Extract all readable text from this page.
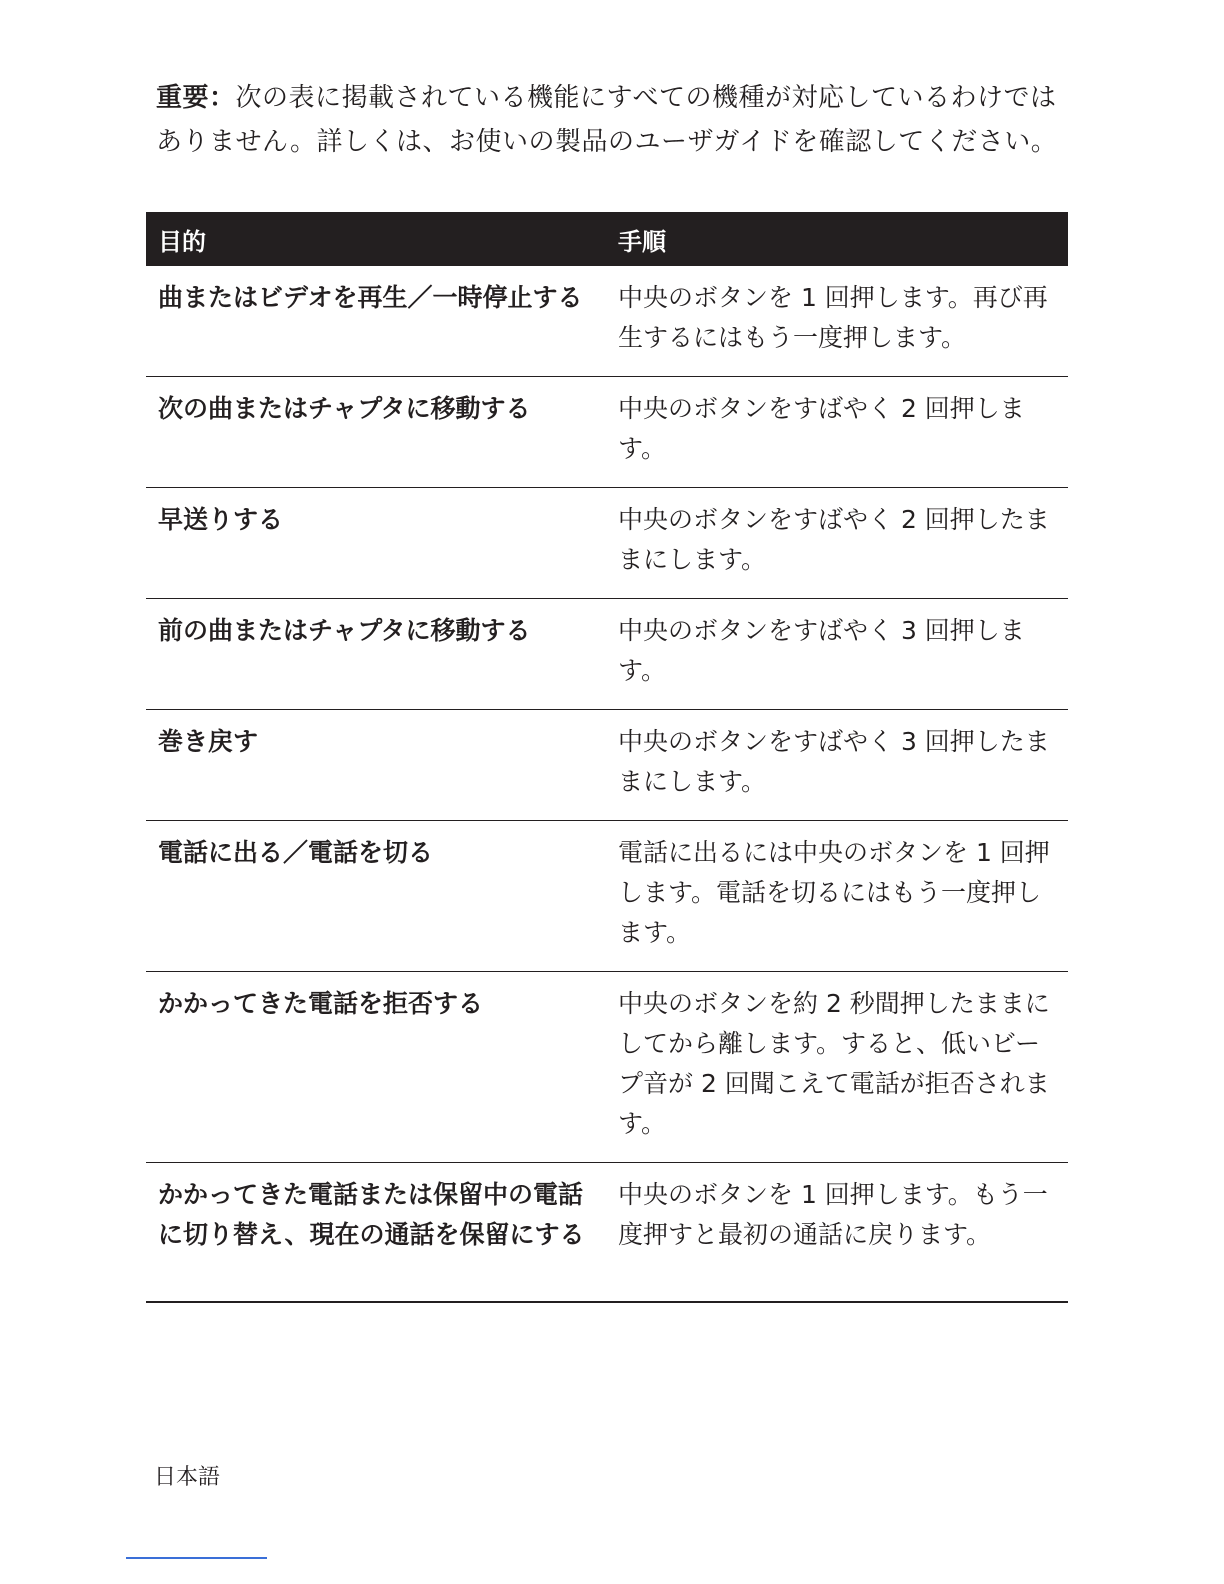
重要：次の表に掲載されている機能にすべての機種が対応しているわけではありません。詳しくは、お使いの製品のユーザガイドを確認してください。
目的	手順
曲またはビデオを再生／一時停止する	中央のボタンを 1 回押します。再び再生するにはもう一度押します。
次の曲またはチャプタに移動する	中央のボタンをすばやく 2 回押します。
早送りする	中央のボタンをすばやく 2 回押したままにします。
前の曲またはチャプタに移動する	中央のボタンをすばやく 3 回押します。
巻き戻す	中央のボタンをすばやく 3 回押したままにします。
電話に出る／電話を切る	電話に出るには中央のボタンを 1 回押します。電話を切るにはもう一度押します。
かかってきた電話を拒否する	中央のボタンを約 2 秒間押したままにしてから離します。すると、低いビープ音が 2 回聞こえて電話が拒否されます。
かかってきた電話または保留中の電話に切り替え、現在の通話を保留にする	中央のボタンを 1 回押します。もう一度押すと最初の通話に戻ります。
日本語
